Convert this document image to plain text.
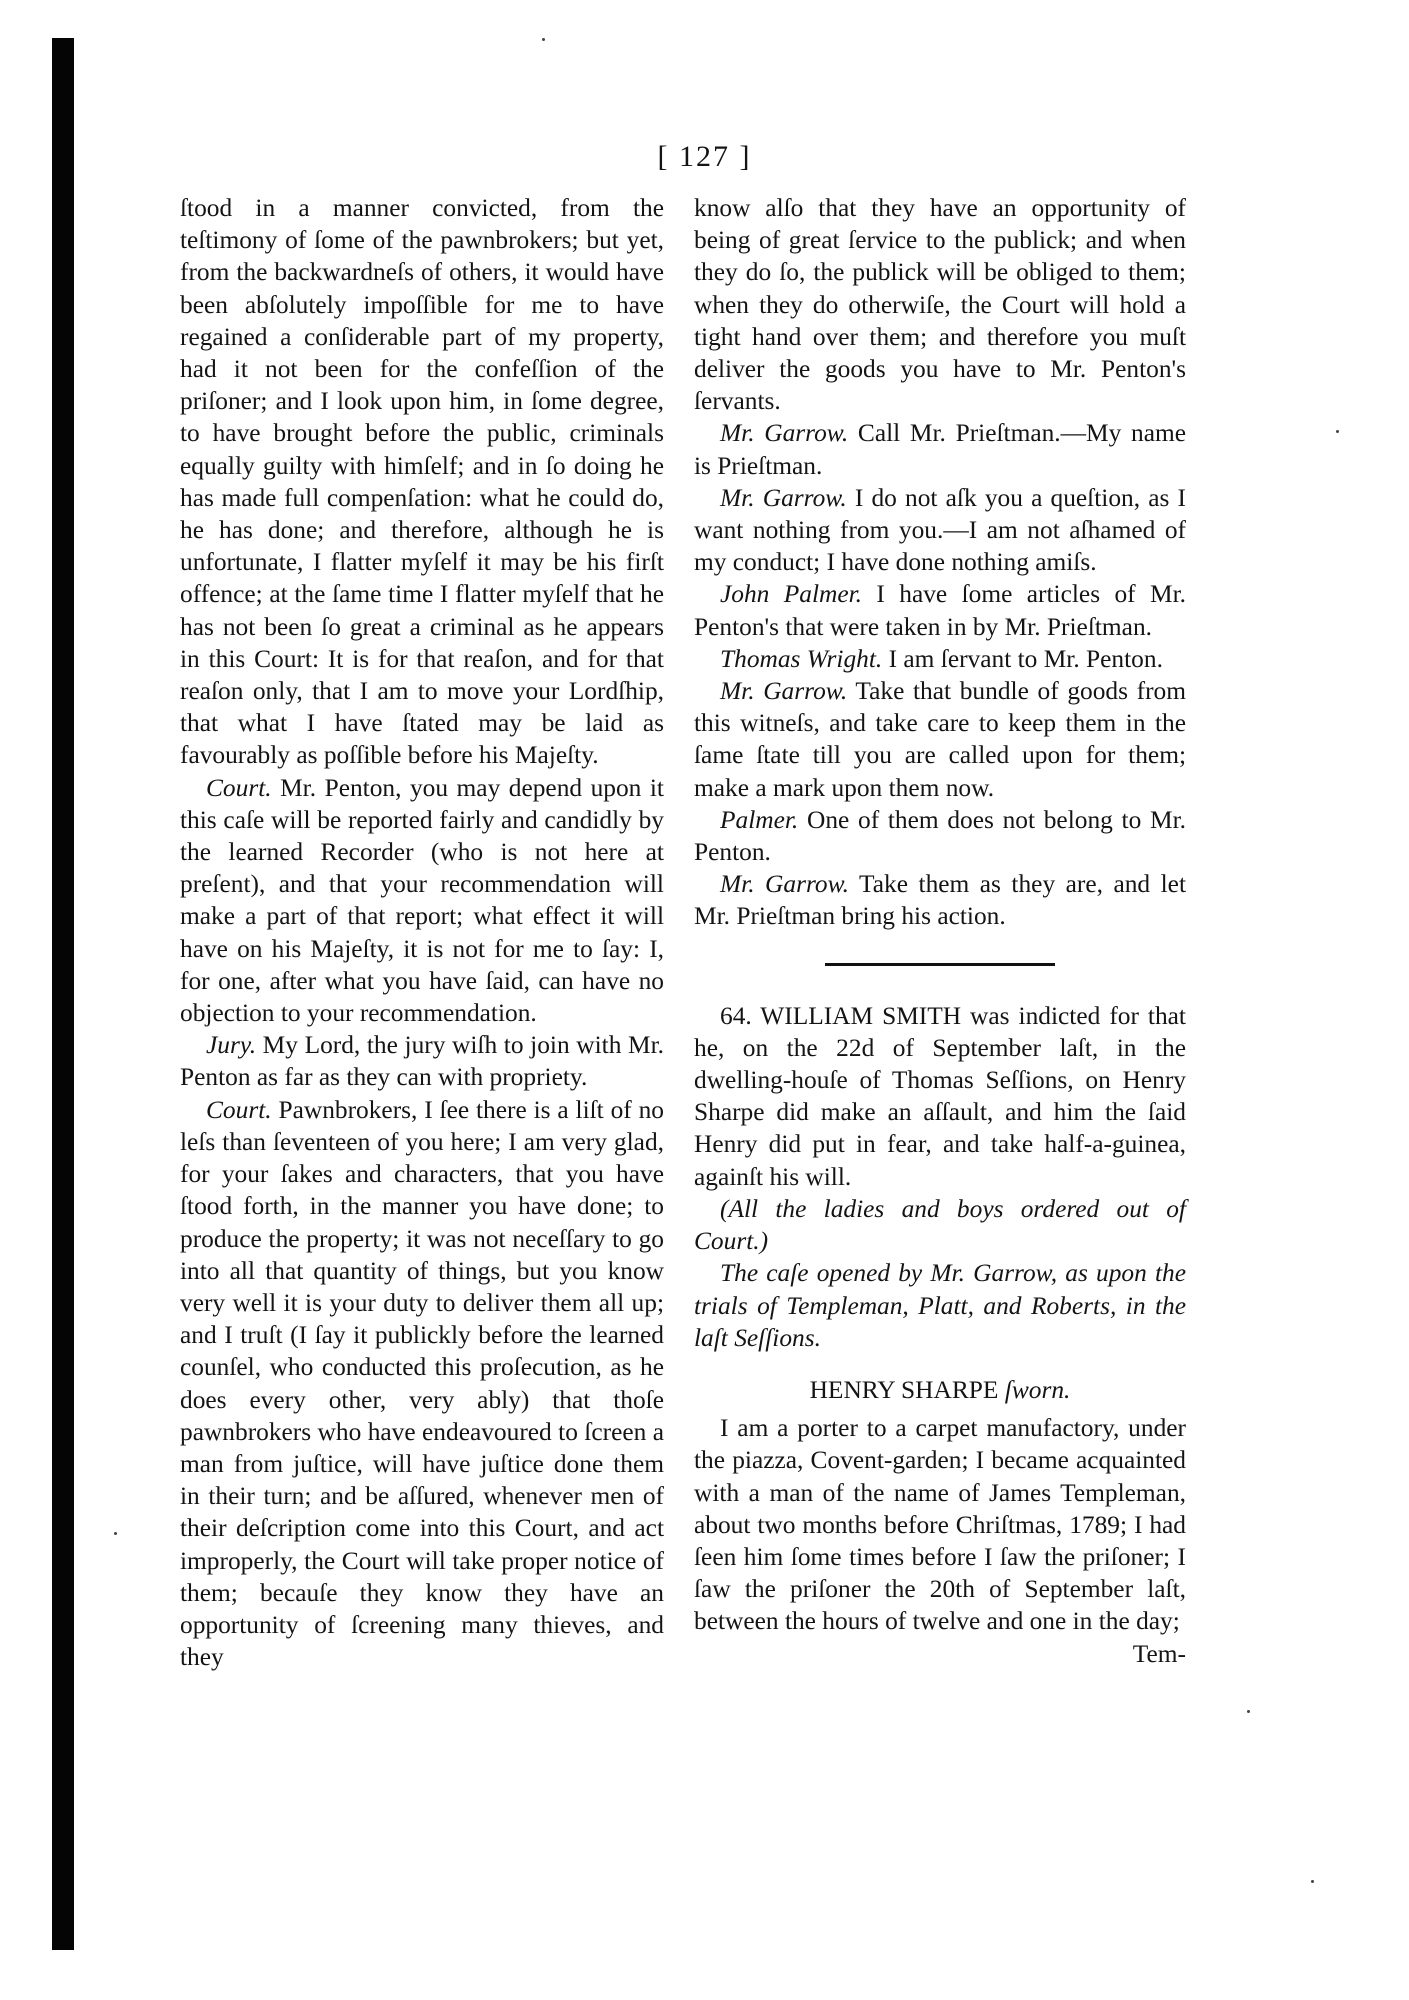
[ 127 ]

ſtood in a manner convicted, from the teſtimony of ſome of the pawnbrokers; but yet, from the backwardneſs of others, it would have been abſolutely impoſſible for me to have regained a conſiderable part of my property, had it not been for the confeſſion of the priſoner; and I look upon him, in ſome degree, to have brought before the public, criminals equally guilty with himſelf; and in ſo doing he has made full compenſation: what he could do, he has done; and therefore, although he is unfortunate, I flatter myſelf it may be his firſt offence; at the ſame time I flatter myſelf that he has not been ſo great a criminal as he appears in this Court: It is for that reaſon, and for that reaſon only, that I am to move your Lordſhip, that what I have ſtated may be laid as favourably as poſſible before his Majeſty.

Court. Mr. Penton, you may depend upon it this caſe will be reported fairly and candidly by the learned Recorder (who is not here at preſent), and that your recommendation will make a part of that report; what effect it will have on his Majeſty, it is not for me to ſay: I, for one, after what you have ſaid, can have no objection to your recommendation.

Jury. My Lord, the jury wiſh to join with Mr. Penton as far as they can with propriety.

Court. Pawnbrokers, I ſee there is a liſt of no leſs than ſeventeen of you here; I am very glad, for your ſakes and characters, that you have ſtood forth, in the manner you have done; to produce the property; it was not neceſſary to go into all that quantity of things, but you know very well it is your duty to deliver them all up; and I truſt (I ſay it publickly before the learned counſel, who conducted this proſecution, as he does every other, very ably) that thoſe pawnbrokers who have endeavoured to ſcreen a man from juſtice, will have juſtice done them in their turn; and be aſſured, whenever men of their deſcription come into this Court, and act improperly, the Court will take proper notice of them; becauſe they know they have an opportunity of ſcreening many thieves, and they

know alſo that they have an opportunity of being of great ſervice to the publick; and when they do ſo, the publick will be obliged to them; when they do otherwiſe, the Court will hold a tight hand over them; and therefore you muſt deliver the goods you have to Mr. Penton's ſervants.

Mr. Garrow. Call Mr. Prieſtman.—My name is Prieſtman.

Mr. Garrow. I do not aſk you a queſtion, as I want nothing from you.—I am not aſhamed of my conduct; I have done nothing amiſs.

John Palmer. I have ſome articles of Mr. Penton's that were taken in by Mr. Prieſtman.

Thomas Wright. I am ſervant to Mr. Penton.

Mr. Garrow. Take that bundle of goods from this witneſs, and take care to keep them in the ſame ſtate till you are called upon for them; make a mark upon them now.

Palmer. One of them does not belong to Mr. Penton.

Mr. Garrow. Take them as they are, and let Mr. Prieſtman bring his action.

64. WILLIAM SMITH was indicted for that he, on the 22d of September laſt, in the dwelling-houſe of Thomas Seſſions, on Henry Sharpe did make an aſſault, and him the ſaid Henry did put in fear, and take half-a-guinea, againſt his will.

(All the ladies and boys ordered out of Court.)

The caſe opened by Mr. Garrow, as upon the trials of Templeman, Platt, and Roberts, in the laſt Seſſions.

HENRY SHARPE ſworn.

I am a porter to a carpet manufactory, under the piazza, Covent-garden; I became acquainted with a man of the name of James Templeman, about two months before Chriſtmas, 1789; I had ſeen him ſome times before I ſaw the priſoner; I ſaw the priſoner the 20th of September laſt, between the hours of twelve and one in the day;

Tem-
